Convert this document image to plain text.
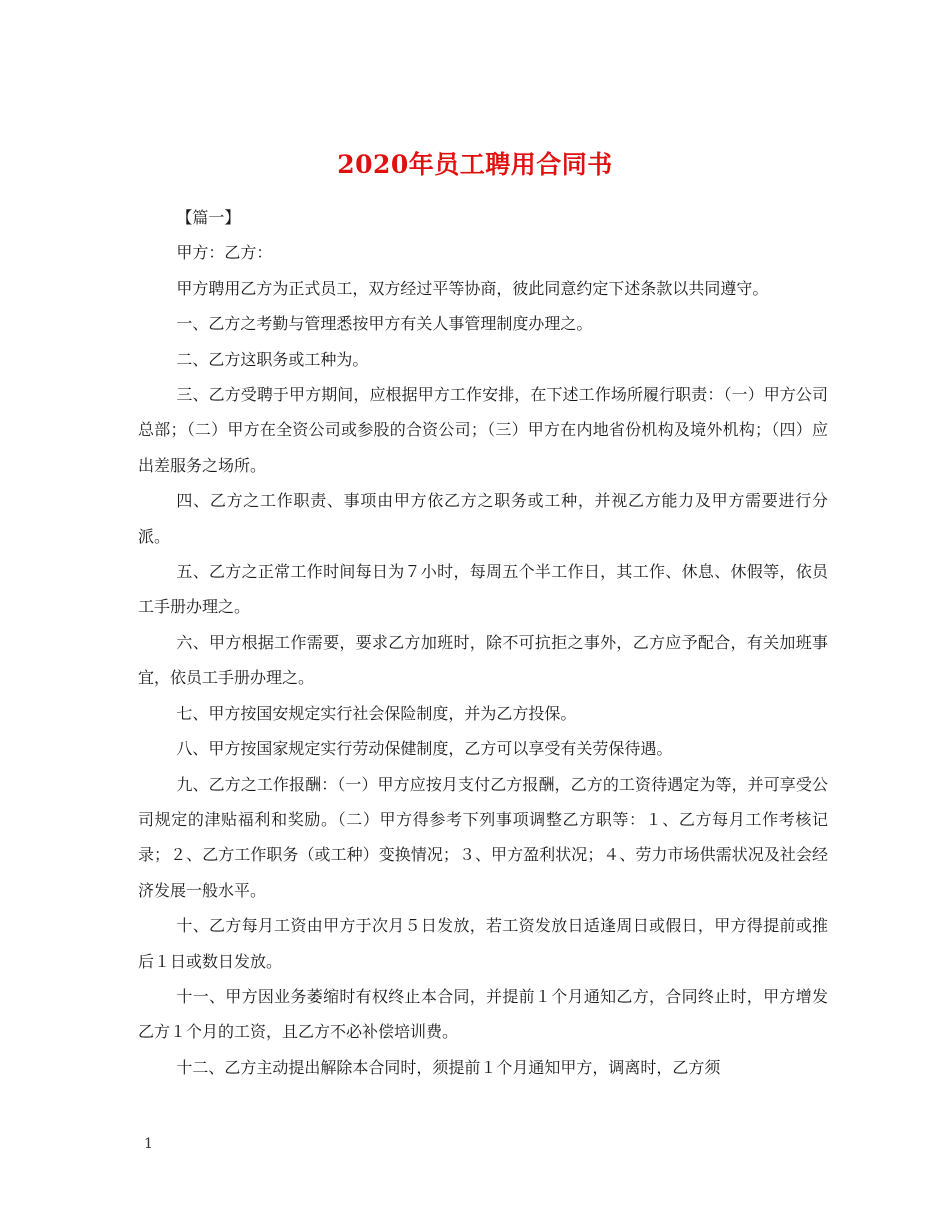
2020年员工聘用合同书

【篇一】

甲方：乙方：

甲方聘用乙方为正式员工，双方经过平等协商，彼此同意约定下述条款以共同遵守。

一、乙方之考勤与管理悉按甲方有关人事管理制度办理之。

二、乙方这职务或工种为。

三、乙方受聘于甲方期间，应根据甲方工作安排，在下述工作场所履行职责：（一）甲方公司总部；（二）甲方在全资公司或参股的合资公司；（三）甲方在内地省份机构及境外机构；（四）应出差服务之场所。

四、乙方之工作职责、事项由甲方依乙方之职务或工种，并视乙方能力及甲方需要进行分派。

五、乙方之正常工作时间每日为７小时，每周五个半工作日，其工作、休息、休假等，依员工手册办理之。

六、甲方根据工作需要，要求乙方加班时，除不可抗拒之事外，乙方应予配合，有关加班事宜，依员工手册办理之。

七、甲方按国安规定实行社会保险制度，并为乙方投保。

八、甲方按国家规定实行劳动保健制度，乙方可以享受有关劳保待遇。

九、乙方之工作报酬：（一）甲方应按月支付乙方报酬，乙方的工资待遇定为等，并可享受公司规定的津贴福利和奖励。（二）甲方得参考下列事项调整乙方职等：１、乙方每月工作考核记录；２、乙方工作职务（或工种）变换情况；３、甲方盈利状况；４、劳力市场供需状况及社会经济发展一般水平。

十、乙方每月工资由甲方于次月５日发放，若工资发放日适逢周日或假日，甲方得提前或推后１日或数日发放。

十一、甲方因业务萎缩时有权终止本合同，并提前１个月通知乙方，合同终止时，甲方增发乙方１个月的工资，且乙方不必补偿培训费。

十二、乙方主动提出解除本合同时，须提前１个月通知甲方，调离时，乙方须

1
